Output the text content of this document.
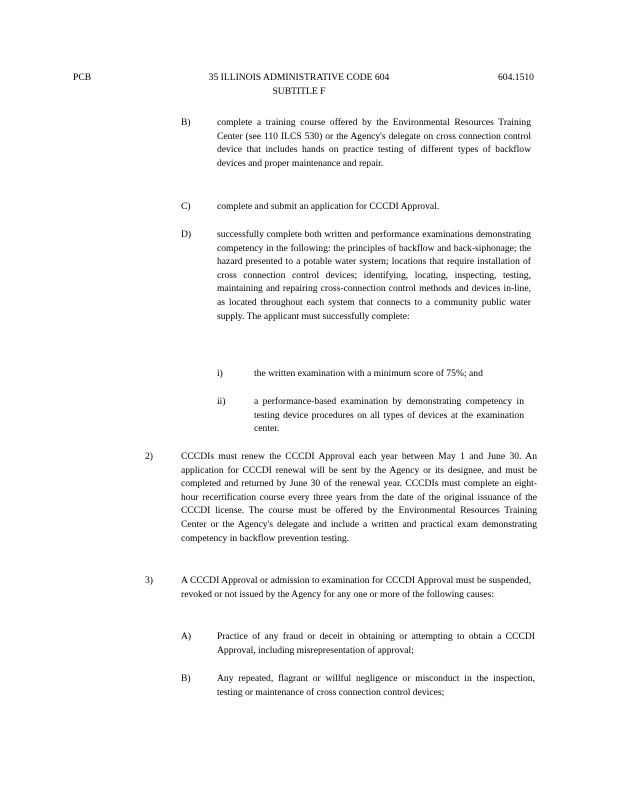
PCB	35 ILLINOIS ADMINISTRATIVE CODE 604
SUBTITLE F
604.1510
B)	complete a training course offered by the Environmental Resources Training Center (see 110 ILCS 530) or the Agency's delegate on cross connection control device that includes hands on practice testing of different types of backflow devices and proper maintenance and repair.
C)	complete and submit an application for CCCDI Approval.
D)	successfully complete both written and performance examinations demonstrating competency in the following: the principles of backflow and back-siphonage; the hazard presented to a potable water system; locations that require installation of cross connection control devices; identifying, locating, inspecting, testing, maintaining and repairing cross-connection control methods and devices in-line, as located throughout each system that connects to a community public water supply. The applicant must successfully complete:
i)	the written examination with a minimum score of 75%; and
ii)	a performance-based examination by demonstrating competency in testing device procedures on all types of devices at the examination center.
2)	CCCDIs must renew the CCCDI Approval each year between May 1 and June 30. An application for CCCDI renewal will be sent by the Agency or its designee, and must be completed and returned by June 30 of the renewal year. CCCDIs must complete an eight-hour recertification course every three years from the date of the original issuance of the CCCDI license. The course must be offered by the Environmental Resources Training Center or the Agency's delegate and include a written and practical exam demonstrating competency in backflow prevention testing.
3)	A CCCDI Approval or admission to examination for CCCDI Approval must be suspended, revoked or not issued by the Agency for any one or more of the following causes:
A)	Practice of any fraud or deceit in obtaining or attempting to obtain a CCCDI Approval, including misrepresentation of approval;
B)	Any repeated, flagrant or willful negligence or misconduct in the inspection, testing or maintenance of cross connection control devices;
